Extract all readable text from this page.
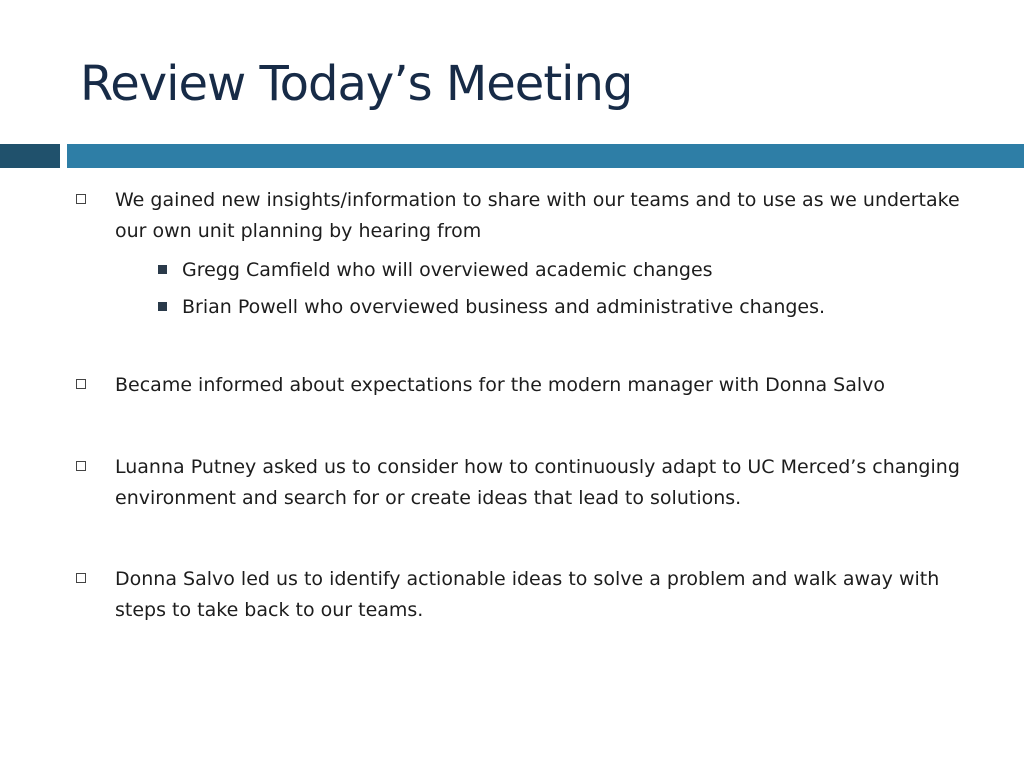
Review Today’s Meeting
We gained new insights/information to share with our teams and to use as we undertake our own unit planning by hearing from
Gregg Camfield who will overviewed academic changes
Brian Powell who overviewed business and administrative changes.
Became informed about expectations for the modern manager with Donna Salvo
Luanna Putney asked us to consider how to continuously adapt to UC Merced’s changing environment and search for or create ideas that lead to solutions.
Donna Salvo led us to identify actionable ideas to solve a problem and walk away with steps to take back to our teams.
